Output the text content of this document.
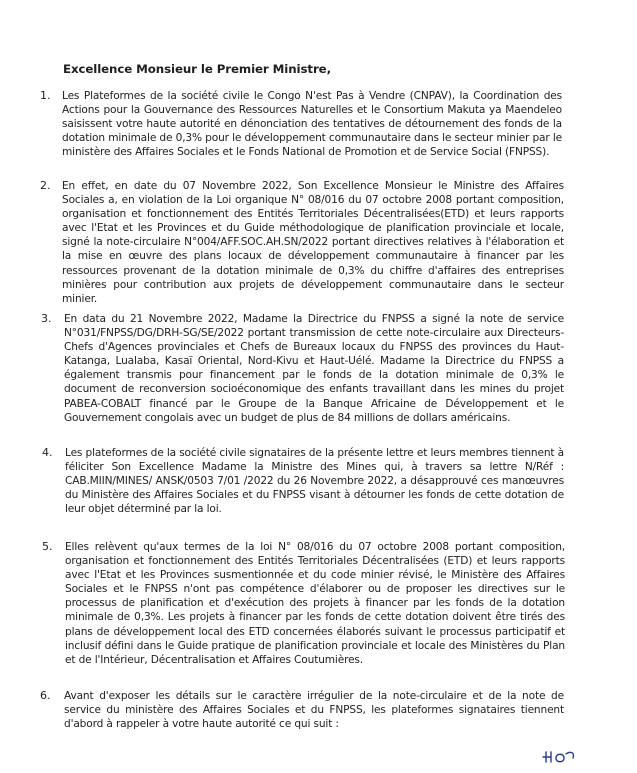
Excellence Monsieur le Premier Ministre,
1. Les Plateformes de la société civile le Congo N'est Pas à Vendre (CNPAV), la Coordination des Actions pour la Gouvernance des Ressources Naturelles et le Consortium Makuta ya Maendeleo saisissent votre haute autorité en dénonciation des tentatives de détournement des fonds de la dotation minimale de 0,3% pour le développement communautaire dans le secteur minier par le ministère des Affaires Sociales et le Fonds National de Promotion et de Service Social (FNPSS).
2. En effet, en date du 07 Novembre 2022, Son Excellence Monsieur le Ministre des Affaires Sociales a, en violation de la Loi organique N° 08/016 du 07 octobre 2008 portant composition, organisation et fonctionnement des Entités Territoriales Décentralisées(ETD) et leurs rapports avec l'Etat et les Provinces et du Guide méthodologique de planification provinciale et locale, signé la note-circulaire N°004/AFF.SOC.AH.SN/2022 portant directives relatives à l'élaboration et la mise en œuvre des plans locaux de développement communautaire à financer par les ressources provenant de la dotation minimale de 0,3% du chiffre d'affaires des entreprises minières pour contribution aux projets de développement communautaire dans le secteur minier.
3. En data du 21 Novembre 2022, Madame la Directrice du FNPSS a signé la note de service N°031/FNPSS/DG/DRH-SG/SE/2022 portant transmission de cette note-circulaire aux Directeurs-Chefs d'Agences provinciales et Chefs de Bureaux locaux du FNPSS des provinces du Haut-Katanga, Lualaba, Kasaï Oriental, Nord-Kivu et Haut-Uélé. Madame la Directrice du FNPSS a également transmis pour financement par le fonds de la dotation minimale de 0,3% le document de reconversion socioéconomique des enfants travaillant dans les mines du projet PABEA-COBALT financé par le Groupe de la Banque Africaine de Développement et le Gouvernement congolais avec un budget de plus de 84 millions de dollars américains.
4. Les plateformes de la société civile signataires de la présente lettre et leurs membres tiennent à féliciter Son Excellence Madame la Ministre des Mines qui, à travers sa lettre N/Réf : CAB.MIIN/MINES/ ANSK/0503 7/01 /2022 du 26 Novembre 2022, a désapprouvé ces manœuvres du Ministère des Affaires Sociales et du FNPSS visant à détourner les fonds de cette dotation de leur objet déterminé par la loi.
5. Elles relèvent qu'aux termes de la loi N° 08/016 du 07 octobre 2008 portant composition, organisation et fonctionnement des Entités Territoriales Décentralisées (ETD) et leurs rapports avec l'Etat et les Provinces susmentionnée et du code minier révisé, le Ministère des Affaires Sociales et le FNPSS n'ont pas compétence d'élaborer ou de proposer les directives sur le processus de planification et d'exécution des projets à financer par les fonds de la dotation minimale de 0,3%. Les projets à financer par les fonds de cette dotation doivent être tirés des plans de développement local des ETD concernées élaborés suivant le processus participatif et inclusif défini dans le Guide pratique de planification provinciale et locale des Ministères du Plan et de l'Intérieur, Décentralisation et Affaires Coutumières.
6. Avant d'exposer les détails sur le caractère irrégulier de la note-circulaire et de la note de service du ministère des Affaires Sociales et du FNPSS, les plateformes signataires tiennent d'abord à rappeler à votre haute autorité ce qui suit :
